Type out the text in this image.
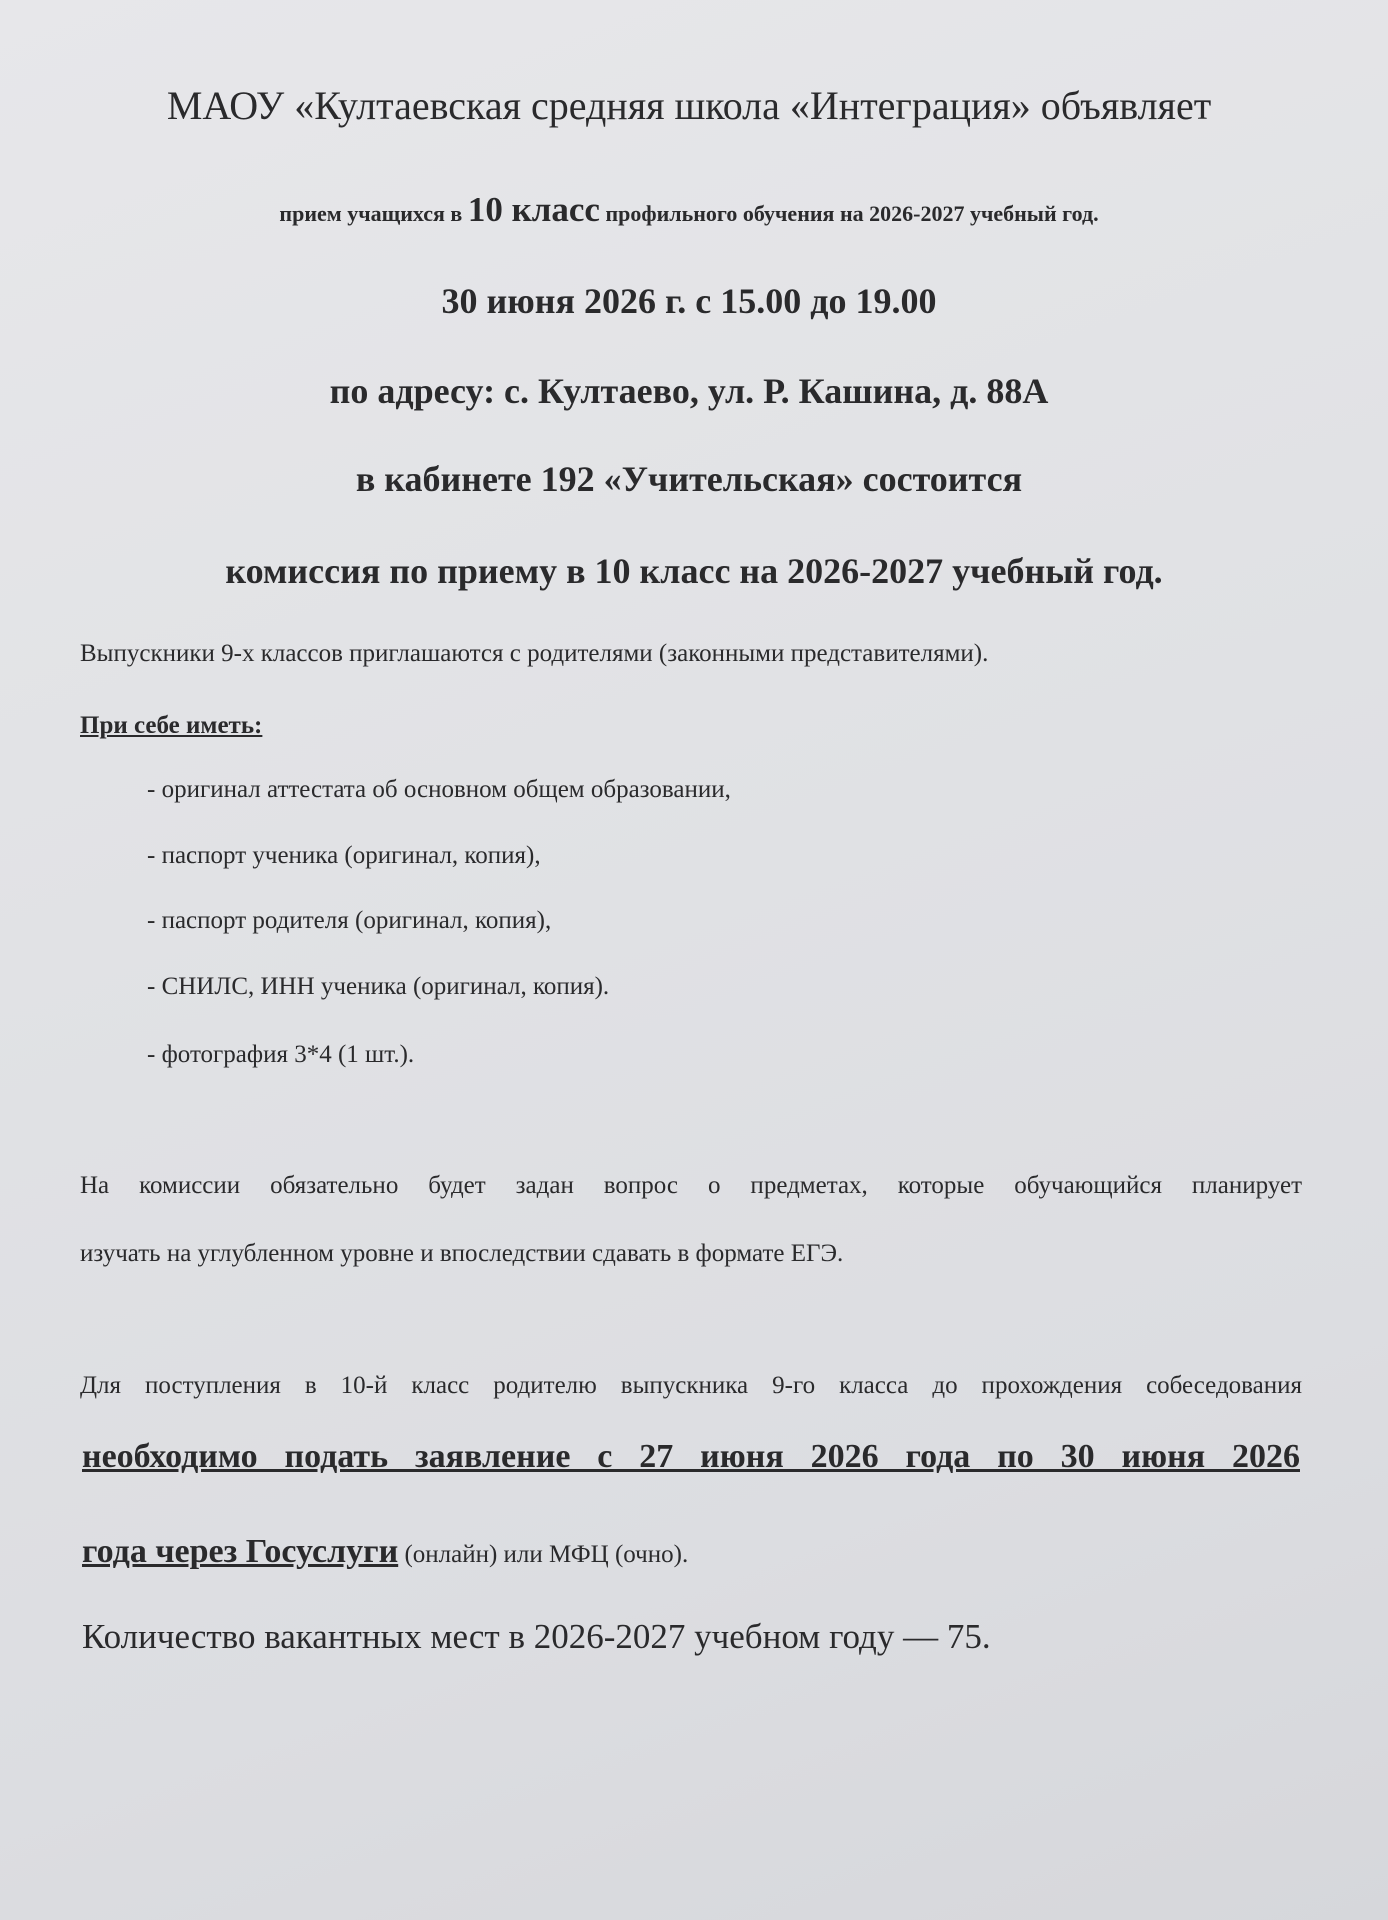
МАОУ «Култаевская средняя школа «Интеграция» объявляет
прием учащихся в 10 класс профильного обучения на 2026-2027 учебный год.
30 июня 2026 г. с 15.00 до 19.00
по адресу: с. Култаево, ул. Р. Кашина, д. 88А
в кабинете 192 «Учительская» состоится
комиссия по приему в 10 класс на 2026-2027 учебный год.
Выпускники 9-х классов приглашаются с родителями (законными представителями).
При себе иметь:
- оригинал аттестата об основном общем образовании,
- паспорт ученика (оригинал, копия),
- паспорт родителя (оригинал, копия),
- СНИЛС, ИНН ученика (оригинал, копия).
- фотография 3*4 (1 шт.).
На комиссии обязательно будет задан вопрос о предметах, которые обучающийся планирует
изучать на углубленном уровне и впоследствии сдавать в формате ЕГЭ.
Для поступления в 10-й класс родителю выпускника 9-го класса до прохождения собеседования
необходимо подать заявление с 27 июня 2026 года по 30 июня 2026
года через Госуслуги (онлайн) или МФЦ (очно).
Количество вакантных мест в 2026-2027 учебном году — 75.
